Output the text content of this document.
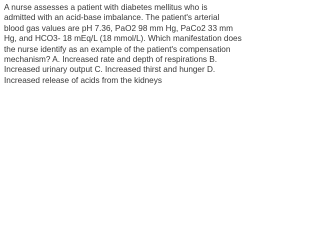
A nurse assesses a patient with diabetes mellitus who is
admitted with an acid-base imbalance. The patient's arterial
blood gas values are pH 7.36, PaO2 98 mm Hg, PaCo2 33 mm
Hg, and HCO3- 18 mEq/L (18 mmol/L). Which manifestation does
the nurse identify as an example of the patient's compensation
mechanism? A. Increased rate and depth of respirations B.
Increased urinary output C. Increased thirst and hunger D.
Increased release of acids from the kidneys
